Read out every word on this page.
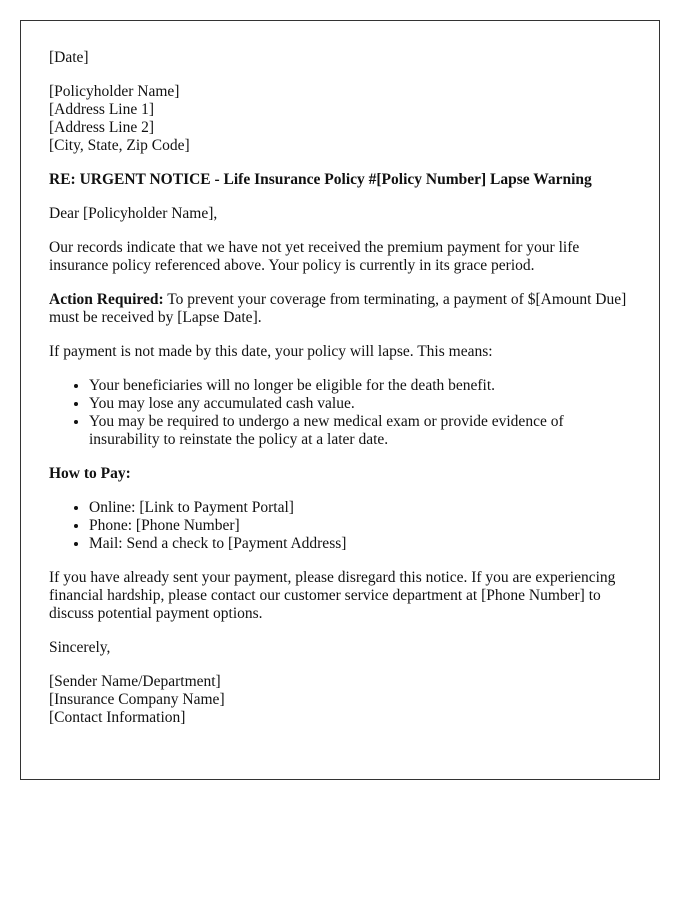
[Date]

[Policyholder Name]
[Address Line 1]
[Address Line 2]
[City, State, Zip Code]

RE: URGENT NOTICE - Life Insurance Policy #[Policy Number] Lapse Warning

Dear [Policyholder Name],

Our records indicate that we have not yet received the premium payment for your life insurance policy referenced above. Your policy is currently in its grace period.

Action Required: To prevent your coverage from terminating, a payment of $[Amount Due] must be received by [Lapse Date].

If payment is not made by this date, your policy will lapse. This means:

• Your beneficiaries will no longer be eligible for the death benefit.
• You may lose any accumulated cash value.
• You may be required to undergo a new medical exam or provide evidence of insurability to reinstate the policy at a later date.

How to Pay:

• Online: [Link to Payment Portal]
• Phone: [Phone Number]
• Mail: Send a check to [Payment Address]

If you have already sent your payment, please disregard this notice. If you are experiencing financial hardship, please contact our customer service department at [Phone Number] to discuss potential payment options.

Sincerely,

[Sender Name/Department]
[Insurance Company Name]
[Contact Information]
